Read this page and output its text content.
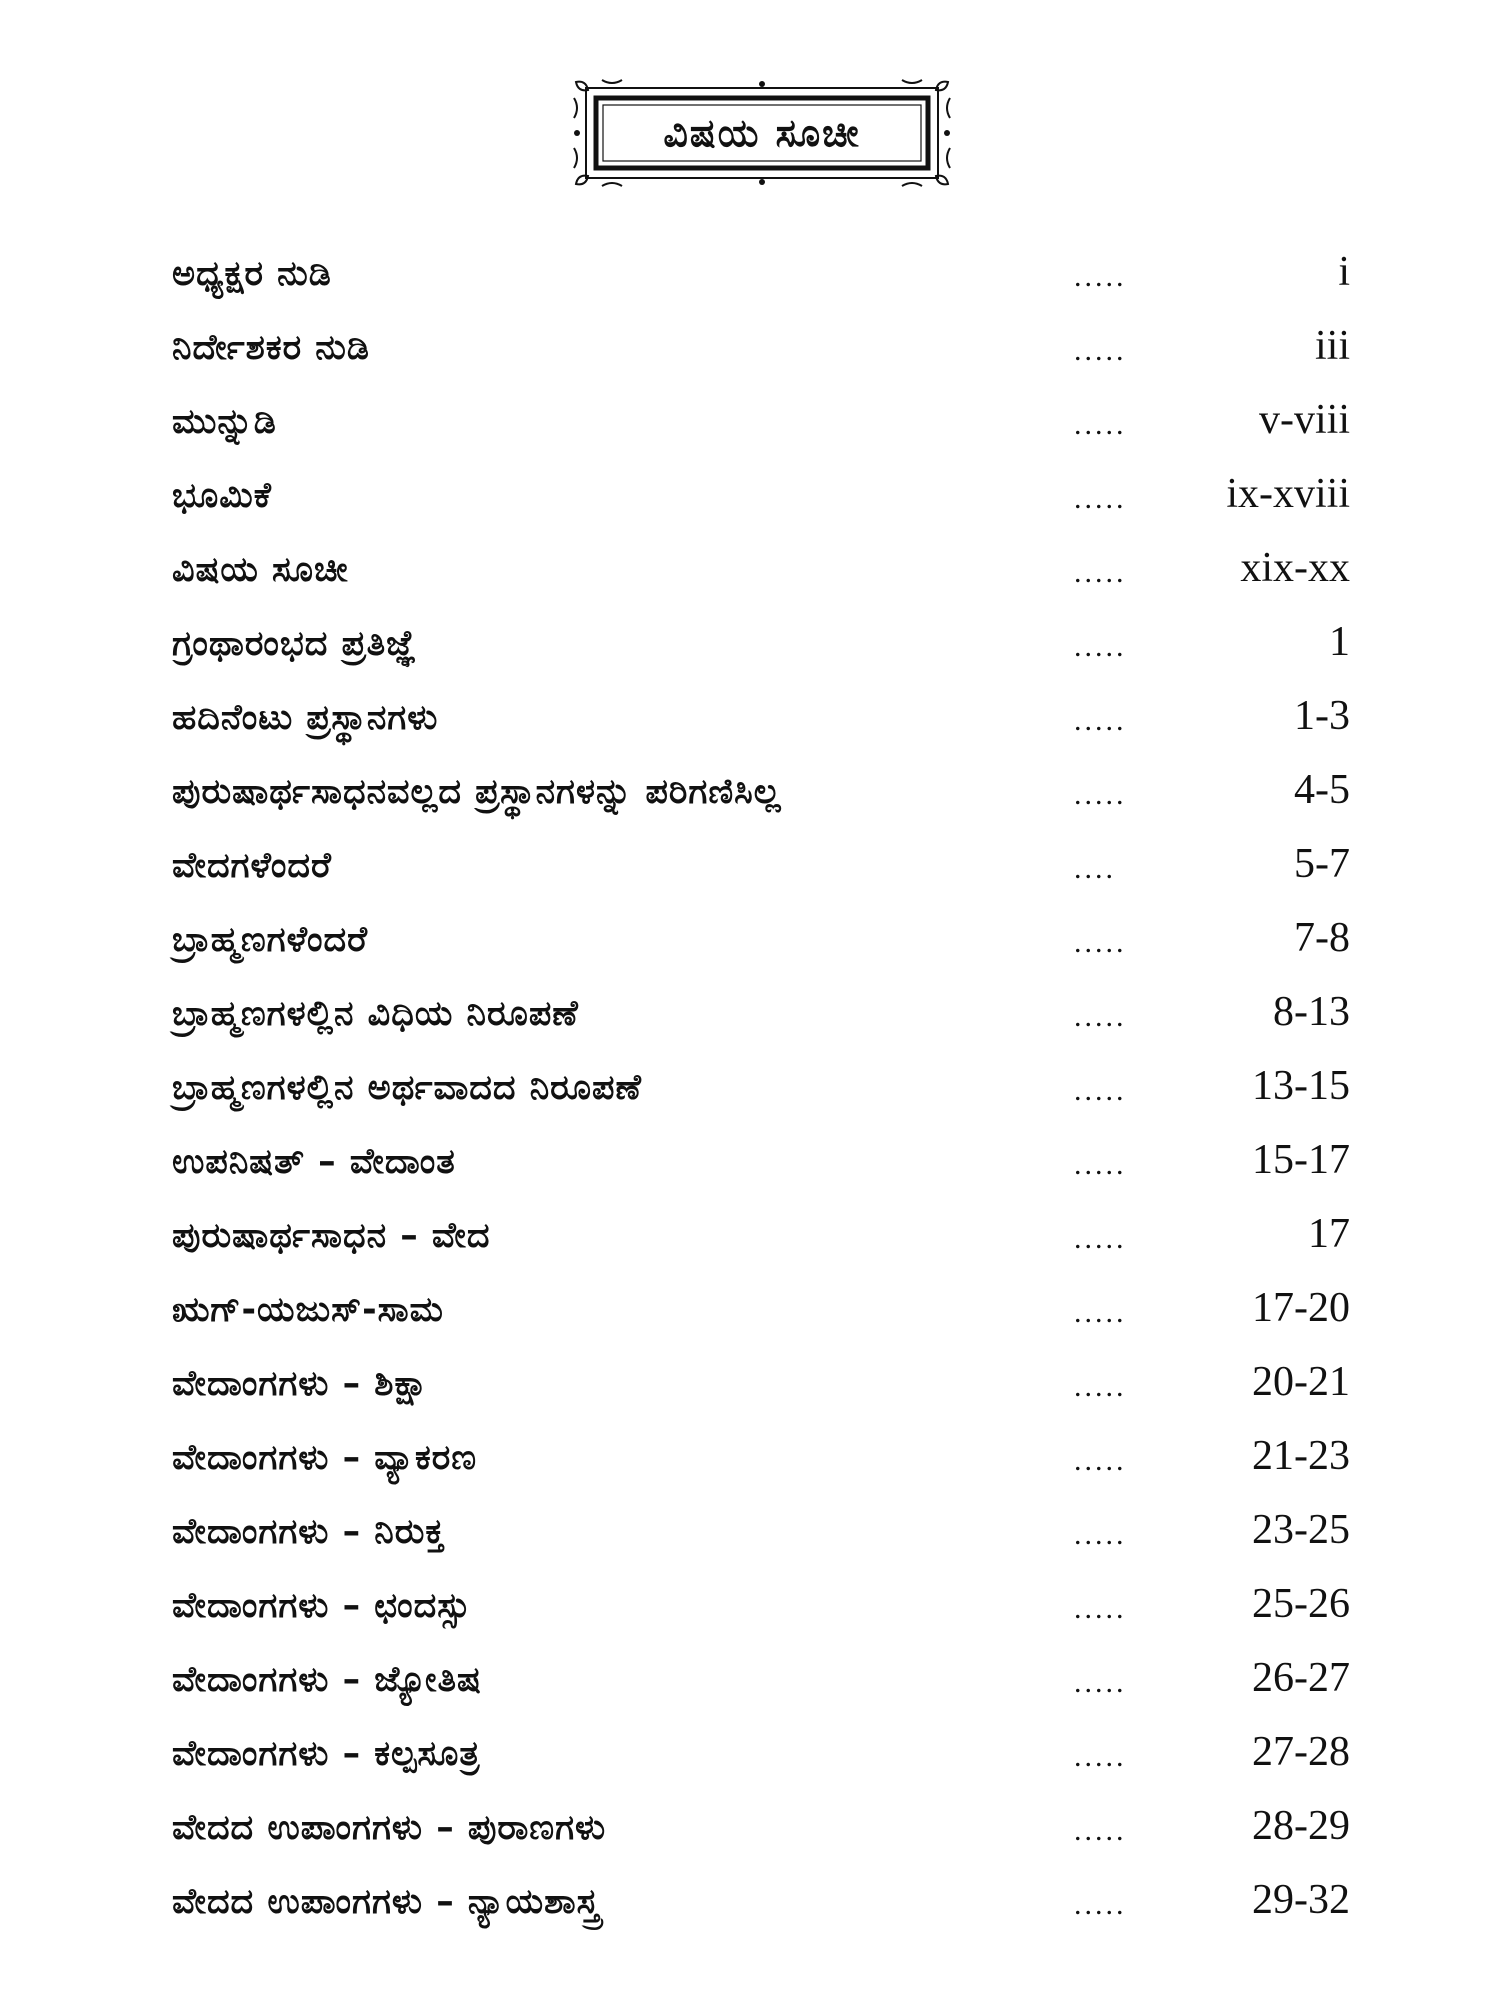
ವಿಷಯ ಸೂಚೀ
ಅಧ್ಯಕ್ಷರ ನುಡಿ	.....	i
ನಿರ್ದೇಶಕರ ನುಡಿ	.....	iii
ಮುನ್ನುಡಿ	.....	v-viii
ಭೂಮಿಕೆ	..... ix-xviii
ವಿಷಯ ಸೂಚೀ	.....	xix-xx
ಗ್ರಂಥಾರಂಭದ ಪ್ರತಿಜ್ಞೆ	.....	1
ಹದಿನೆಂಟು ಪ್ರಸ್ಥಾನಗಳು	.....	1-3
ಪುರುಷಾರ್ಥಸಾಧನವಲ್ಲದ ಪ್ರಸ್ಥಾನಗಳನ್ನು ಪರಿಗಣಿಸಿಲ್ಲ	.....	4-5
ವೇದಗಳೆಂದರೆ	....	5-7
ಬ್ರಾಹ್ಮಣಗಳೆಂದರೆ	.....	7-8
ಬ್ರಾಹ್ಮಣಗಳಲ್ಲಿನ ವಿಧಿಯ ನಿರೂಪಣೆ	.....	8-13
ಬ್ರಾಹ್ಮಣಗಳಲ್ಲಿನ ಅರ್ಥವಾದದ ನಿರೂಪಣೆ	.....	13-15
ಉಪನಿಷತ್ – ವೇದಾಂತ	.....	15-17
ಪುರುಷಾರ್ಥಸಾಧನ – ವೇದ	.....	17
ಋಗ್-ಯಜುಸ್-ಸಾಮ	.....	17-20
ವೇದಾಂಗಗಳು – ಶಿಕ್ಷಾ	.....	20-21
ವೇದಾಂಗಗಳು – ವ್ಯಾಕರಣ	.....	21-23
ವೇದಾಂಗಗಳು – ನಿರುಕ್ತ	.....	23-25
ವೇದಾಂಗಗಳು – ಛಂದಸ್ಸು	.....	25-26
ವೇದಾಂಗಗಳು – ಜ್ಯೋತಿಷ	.....	26-27
ವೇದಾಂಗಗಳು – ಕಲ್ಪಸೂತ್ರ	.....	27-28
ವೇದದ ಉಪಾಂಗಗಳು – ಪುರಾಣಗಳು	.....	28-29
ವೇದದ ಉಪಾಂಗಗಳು – ನ್ಯಾಯಶಾಸ್ತ್ರ	.....	29-32
